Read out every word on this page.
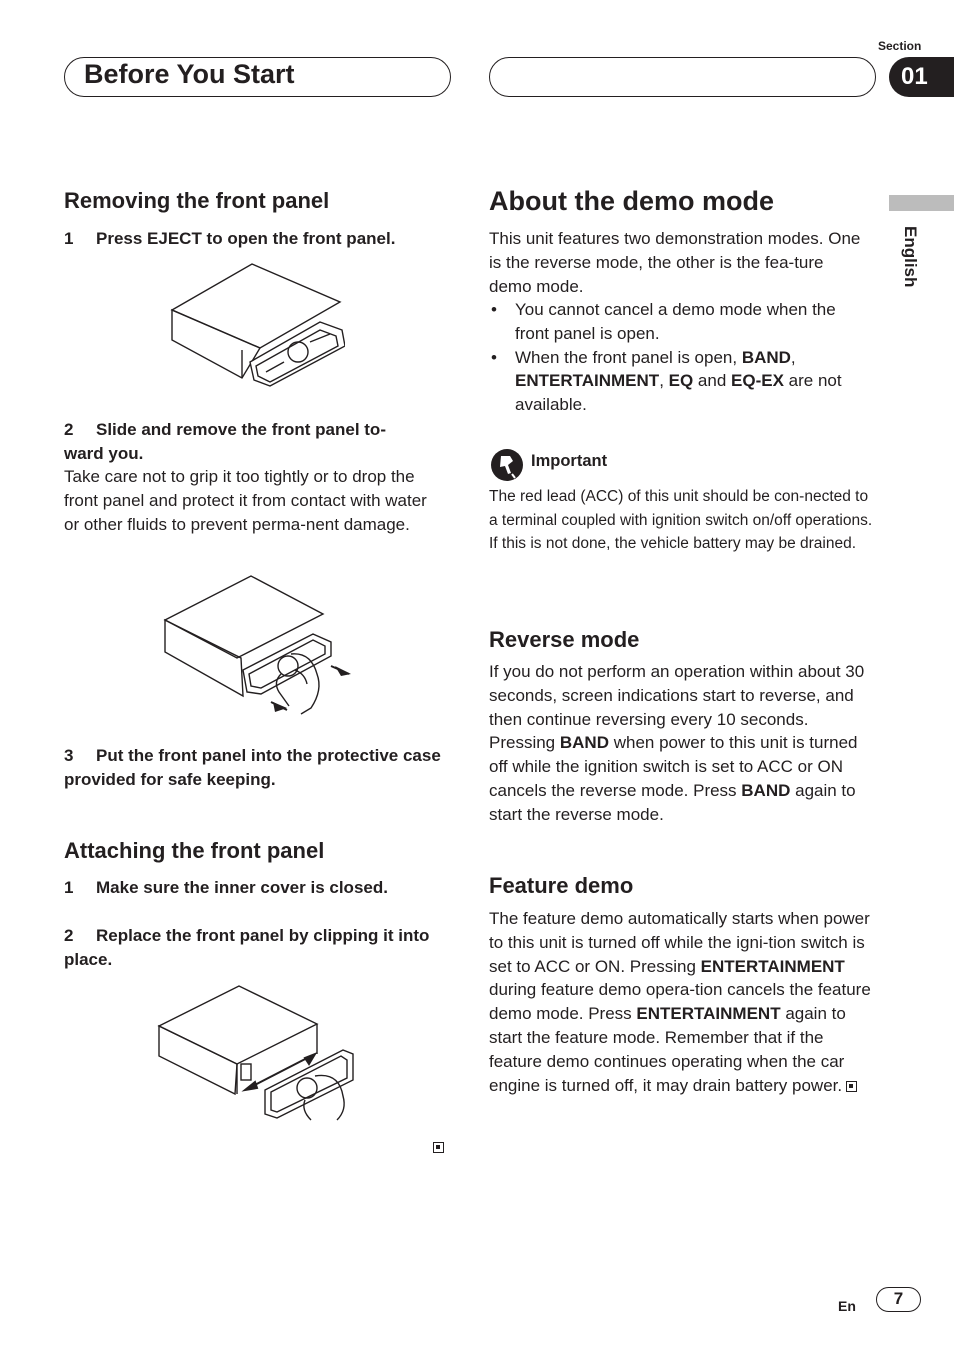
Before You Start
Section
01
English
Removing the front panel
1 Press EJECT to open the front panel.
2 Slide and remove the front panel to-
ward you.
Take care not to grip it too tightly or to drop the front panel and protect it from contact with water or other fluids to prevent perma-nent damage.
3 Put the front panel into the protective case provided for safe keeping.
Attaching the front panel
1 Make sure the inner cover is closed.
2 Replace the front panel by clipping it into place.
About the demo mode
This unit features two demonstration modes. One is the reverse mode, the other is the fea-ture demo mode.
• You cannot cancel a demo mode when the front panel is open.
• When the front panel is open, BAND, ENTERTAINMENT, EQ and EQ-EX are not available.
Important
The red lead (ACC) of this unit should be con-nected to a terminal coupled with ignition switch on/off operations. If this is not done, the vehicle battery may be drained.
Reverse mode
If you do not perform an operation within about 30 seconds, screen indications start to reverse, and then continue reversing every 10 seconds. Pressing BAND when power to this unit is turned off while the ignition switch is set to ACC or ON cancels the reverse mode. Press BAND again to start the reverse mode.
Feature demo
The feature demo automatically starts when power to this unit is turned off while the igni-tion switch is set to ACC or ON. Pressing ENTERTAINMENT during feature demo opera-tion cancels the feature demo mode. Press ENTERTAINMENT again to start the feature mode. Remember that if the feature demo continues operating when the car engine is turned off, it may drain battery power.
En	7
